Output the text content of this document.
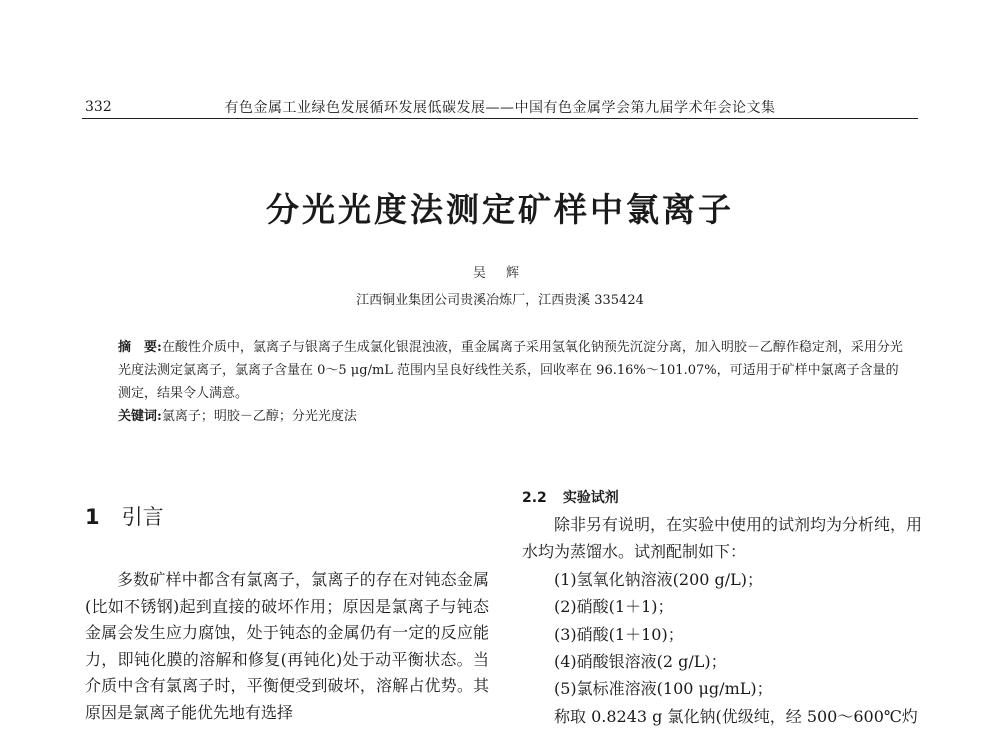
332	有色金属工业绿色发展循环发展低碳发展——中国有色金属学会第九届学术年会论文集
分光光度法测定矿样中氯离子
吴 辉
江西铜业集团公司贵溪冶炼厂，江西贵溪 335424

摘　要:在酸性介质中，氯离子与银离子生成氯化银混浊液，重金属离子采用氢氧化钠预先沉淀分离，加入明胶－乙醇作稳定剂，采用分光光度法测定氯离子，氯离子含量在 0～5 μg/mL 范围内呈良好线性关系，回收率在 96.16%～101.07%，可适用于矿样中氯离子含量的测定，结果令人满意。

关键词:氯离子；明胶－乙醇；分光光度法

1 引言

多数矿样中都含有氯离子，氯离子的存在对钝态金属(比如不锈钢)起到直接的破坏作用；原因是氯离子与钝态金属会发生应力腐蚀，处于钝态的金属仍有一定的反应能力，即钝化膜的溶解和修复(再钝化)处于动平衡状态。当介质中含有氯离子时，平衡便受到破坏，溶解占优势。其原因是氯离子能优先地有选择

2.2 实验试剂

除非另有说明，在实验中使用的试剂均为分析纯，用水均为蒸馏水。试剂配制如下：

(1)氢氧化钠溶液(200 g/L)；

(2)硝酸(1＋1)；

(3)硝酸(1＋10)；

(4)硝酸银溶液(2 g/L)；

(5)氯标准溶液(100 μg/mL)；

称取 0.8243 g 氯化钠(优级纯，经 500～600℃灼
